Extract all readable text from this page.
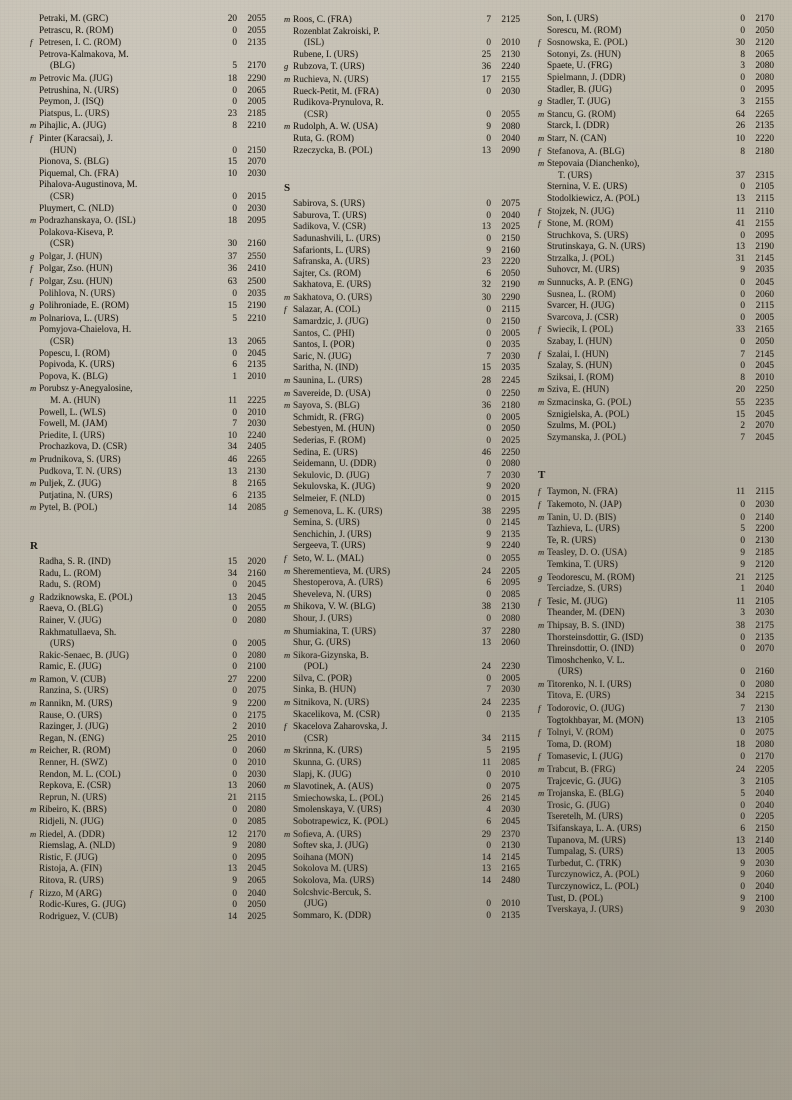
Petraki, M. (GRC)	20	2055
Petrascu, R. (ROM)	0	2055
f Petresen, I. C. (ROM)	0	2135
Petrova-Kalmakova, M.
(BLG)	5	2170
m Petrovic Ma. (JUG)	18	2290
Petrushina, N. (URS)	0	2065
Peymon, J. (ISQ)	0	2005
Piatspus, L. (URS)	23	2185
m Pihajlic, A. (JUG)	8	2210
f Pinter (Karacsai), J.
(HUN)	0	2150
Pionova, S. (BLG)	15	2070
Piquemal, Ch. (FRA)	10	2030
Pihalova-Augustinova, M.
(CSR)	0	2015
Pluymert, C. (NLD)	0	2030
m Podrazhanskaya, O. (ISL)	18	2095
Polakova-Kiseva, P.
(CSR)	30	2160
g Polgar, J. (HUN)	37	2550
f Polgar, Zso. (HUN)	36	2410
f Polgar, Zsu. (HUN)	63	2500
Polihlova, N. (URS)	0	2035
g Polihroniade, E. (ROM)	15	2190
m Polnariova, L. (URS)	5	2210
Pomyjova-Chaielova, H.
(CSR)	13	2065
Popescu, I. (ROM)	0	2045
Popivoda, K. (URS)	6	2135
Popova, K. (BLG)	1	2010
m Porubsz y-Anegyalosine,
M. A. (HUN)	11	2225
Powell, L. (WLS)	0	2010
Fowell, M. (JAM)	7	2030
Priedite, I. (URS)	10	2240
Prochazkova, D. (CSR)	34	2405
m Prudnikova, S. (URS)	46	2265
Pudkova, T. N. (URS)	13	2130
m Puljek, Z. (JUG)	8	2165
Putjatina, N. (URS)	6	2135
m Pytel, B. (POL)	14	2085
R
Radha, S. R. (IND)	15	2020
Radu, L. (ROM)	34	2160
Radu, S. (ROM)	0	2045
g Radziknowska, E. (POL)	13	2045
Raeva, O. (BLG)	0	2055
Rainer, V. (JUG)	0	2080
Rakhmatullaeva, Sh.
(URS)	0	2005
Rakic-Senaec, B. (JUG)	0	2080
Ramic, E. (JUG)	0	2100
m Ramon, V. (CUB)	27	2200
Ranzina, S. (URS)	0	2075
m Rannikn, M. (URS)	9	2200
Rause, O. (URS)	0	2175
Razinger, J. (JUG)	2	2010
Regan, N. (ENG)	25	2010
m Reicher, R. (ROM)	0	2060
Renner, H. (SWZ)	0	2010
Rendon, M. L. (COL)	0	2030
Repkova, E. (CSR)	13	2060
Reprun, N. (URS)	21	2115
m Ribeiro, K. (BRS)	0	2080
Ridjeli, N. (JUG)	0	2085
m Riedel, A. (DDR)	12	2170
Riemslag, A. (NLD)	9	2080
Ristic, F. (JUG)	0	2095
Ristoja, A. (FIN)	13	2045
Ritova, R. (URS)	9	2065
f Rizzo, M (ARG)	0	2040
Rodic-Kures, G. (JUG)	0	2050
Rodriguez, V. (CUB)	14	2025
m Roos, C. (FRA)	7	2125
Rozenblat Zakroiski, P.
(ISL)	0	2010
Rubene, I. (URS)	25	2130
g Rubzova, T. (URS)	36	2240
m Ruchieva, N. (URS)	17	2155
Rueck-Petit, M. (FRA)	0	2030
Rudikova-Prynulova, R.
(CSR)	0	2055
m Rudolph, A. W. (USA)	9	2080
Ruta, G. (ROM)	0	2040
Rzeczycka, B. (POL)	13	2090
S
Sabirova, S. (URS)	0	2075
Saburova, T. (URS)	0	2040
Sadikova, V. (CSR)	13	2025
Sadunashvili, L. (URS)	0	2150
Safarionts, L. (URS)	9	2160
Safranska, A. (URS)	23	2220
Sajter, Cs. (ROM)	6	2050
Sakhatova, E. (URS)	32	2190
m Sakhatova, O. (URS)	30	2290
f Salazar, A. (COL)	0	2115
Samardzic, J. (JUG)	0	2150
Santos, C. (PHI)	0	2005
Santos, I. (POR)	0	2035
Saric, N. (JUG)	7	2030
Saritha, N. (IND)	15	2035
m Saunina, L. (URS)	28	2245
m Savereide, D. (USA)	0	2250
m Sayova, S. (BLG)	36	2180
Schmidt, R. (FRG)	0	2005
Sebestyen, M. (HUN)	0	2050
Sederias, F. (ROM)	0	2025
Sedina, E. (URS)	46	2250
Seidemann, U. (DDR)	0	2080
Sekulovic, D. (JUG)	7	2030
Sekulovska, K. (JUG)	9	2020
Selmeier, F. (NLD)	0	2015
g Semenova, L. K. (URS)	38	2295
Semina, S. (URS)	0	2145
Senchichin, J. (URS)	9	2135
Sergeeva, T. (URS)	9	2240
f Seto, W. L. (MAL)	0	2055
m Sherementieva, M. (URS)	24	2205
Shestoperova, A. (URS)	6	2095
Sheveleva, N. (URS)	0	2085
m Shikova, V. W. (BLG)	38	2130
Shour, J. (URS)	0	2080
m Shumiakina, T. (URS)	37	2280
Shur, G. (URS)	13	2060
m Sikora-Gizynska, B.
(POL)	24	2230
Silva, C. (POR)	0	2005
Sinka, B. (HUN)	7	2030
m Sitnikova, N. (URS)	24	2235
Skacelikova, M. (CSR)	0	2135
f Skacelova Zaharovska, J.
(CSR)	34	2115
m Skrinna, K. (URS)	5	2195
Skunna, G. (URS)	11	2085
Slapj, K. (JUG)	0	2010
m Slavotinek, A. (AUS)	0	2075
Smiechowska, L. (POL)	26	2145
Smolenskaya, V. (URS)	4	2030
Sobotrapewicz, K. (POL)	6	2045
m Sofieva, A. (URS)	29	2370
Softev ska, J. (JUG)	0	2130
Soihana (MON)	14	2145
Sokolova M. (URS)	13	2165
Sokolova, Ma. (URS)	14	2480
Solcshvic-Bercuk, S.
(JUG)	0	2010
Sommaro, K. (DDR)	0	2135
Son, I. (URS)	0	2170
Sorescu, M. (ROM)	0	2050
f Sosnowska, E. (POL)	30	2120
Sotonyi, Zs. (HUN)	8	2065
Spaete, U. (FRG)	3	2080
Spielmann, J. (DDR)	0	2080
Stadler, B. (JUG)	0	2095
g Stadler, T. (JUG)	3	2155
m Stancu, G. (ROM)	64	2265
Starck, I. (DDR)	26	2135
m Starr, N. (CAN)	10	2220
f Stefanova, A. (BLG)	8	2180
m Stepovaia (Dianchenko),
T. (URS)	37	2315
Sternina, V. E. (URS)	0	2105
Stodolkiewicz, A. (POL)	13	2115
f Stojzek, N. (JUG)	11	2110
f Stone, M. (ROM)	41	2155
Struchkova, S. (URS)	0	2095
Strutinskaya, G. N. (URS)	13	2190
Strzalka, J. (POL)	31	2145
Suhovcr, M. (URS)	9	2035
m Sunnucks, A. P. (ENG)	0	2045
Susnea, L. (ROM)	0	2060
Svarcer, H. (JUG)	0	2115
Svarcova, J. (CSR)	0	2005
f Swiecik, I. (POL)	33	2165
Szabay, I. (HUN)	0	2050
f Szalai, I. (HUN)	7	2145
Szalay, S. (HUN)	0	2045
Sziksai, I. (ROM)	8	2010
m Sziva, E. (HUN)	20	2250
m Szmacinska, G. (POL)	55	2235
Sznigielska, A. (POL)	15	2045
Szulms, M. (POL)	2	2070
Szymanska, J. (POL)	7	2045
T
f Taymon, N. (FRA)	11	2115
f Takemoto, N. (JAP)	0	2030
m Tanin, U. D. (BIS)	0	2140
Tazhieva, L. (URS)	5	2200
Te, R. (URS)	0	2130
m Teasley, D. O. (USA)	9	2185
Temkina, T. (URS)	9	2120
g Teodorescu, M. (ROM)	21	2125
Terciadze, S. (URS)	1	2040
f Tesic, M. (JUG)	11	2105
Theander, M. (DEN)	3	2030
m Thipsay, B. S. (IND)	38	2175
Thorsteinsdottir, G. (ISD)	0	2135
Threinsdottir, O. (IND)	0	2070
Timoshchenko, V. L.
(URS)	0	2160
m Titorenko, N. I. (URS)	0	2080
Titova, E. (URS)	34	2215
f Todorovic, O. (JUG)	7	2130
Togtokhbayar, M. (MON)	13	2105
f Tolnyi, V. (ROM)	0	2075
Toma, D. (ROM)	18	2080
f Tomasevic, I. (JUG)	0	2170
m Trabcut, B. (FRG)	24	2205
Trajcevic, G. (JUG)	3	2105
m Trojanska, E. (BLG)	5	2040
Trosic, G. (JUG)	0	2040
Tseretelh, M. (URS)	0	2205
Tsifanskaya, L. A. (URS)	6	2150
Tupanova, M. (URS)	13	2140
Tumpalag, S. (URS)	13	2005
Turbedut, C. (TRK)	9	2030
Turczynowicz, A. (POL)	9	2060
Turczynowicz, L. (POL)	0	2040
Tust, D. (POL)	9	2100
Tverskaya, J. (URS)	9	2030
